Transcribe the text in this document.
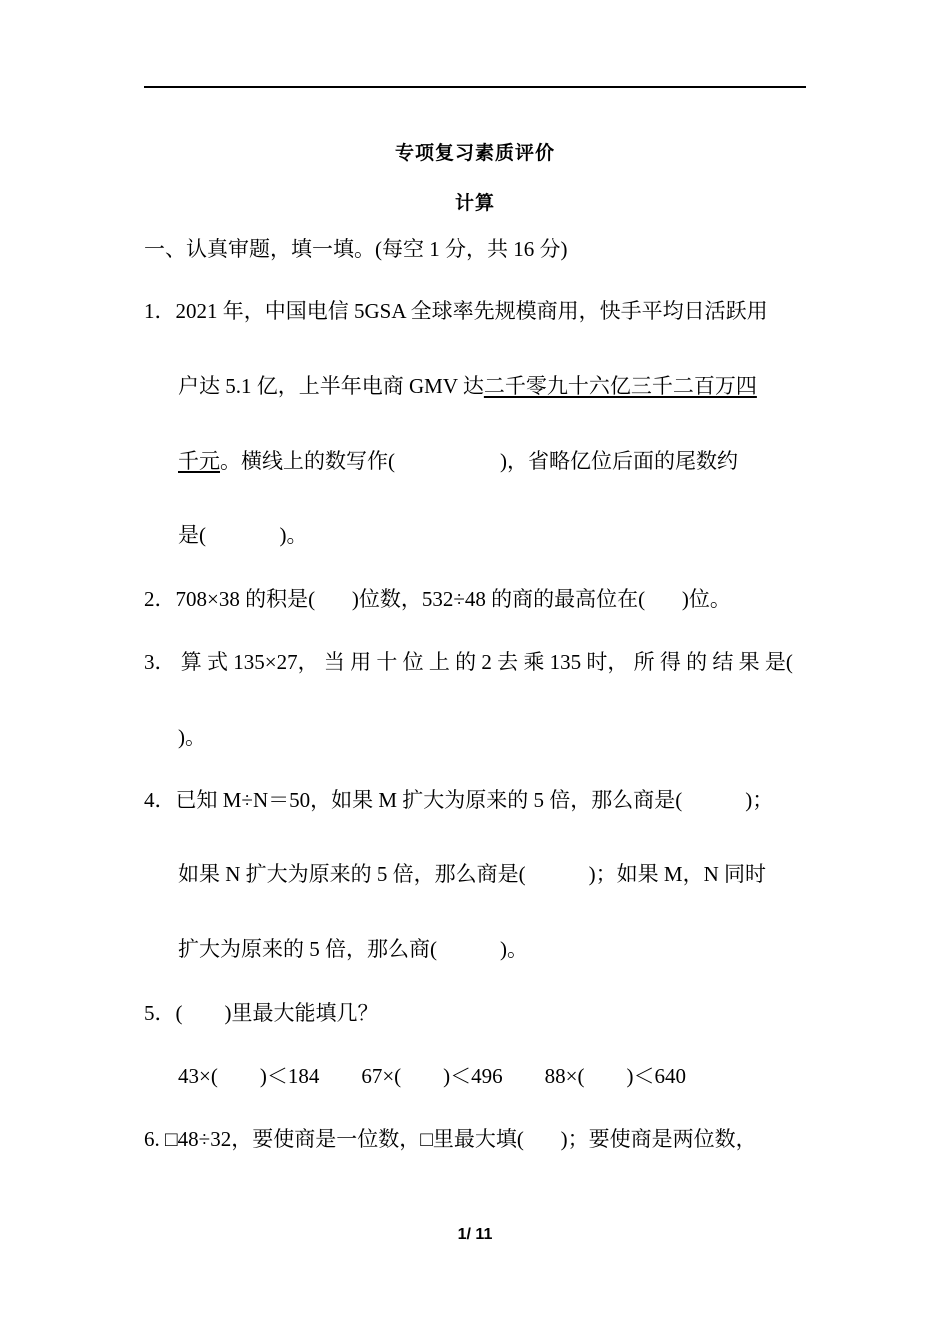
专项复习素质评价
计算
一、认真审题，填一填。(每空 1 分，共 16 分)
1．2021 年，中国电信 5GSA 全球率先规模商用，快手平均日活跃用
户达 5.1 亿，上半年电商 GMV 达二千零九十六亿三千二百万四
千元。横线上的数写作(                    )，省略亿位后面的尾数约
是(              )。
2．708×38 的积是(       )位数，532÷48 的商的最高位在(       )位。
3． 算 式 135×27， 当 用 十 位 上 的 2 去 乘 135 时， 所 得 的 结 果 是(
)。
4．已知 M÷N＝50，如果 M 扩大为原来的 5 倍，那么商是(            )；
如果 N 扩大为原来的 5 倍，那么商是(            )；如果 M，N 同时
扩大为原来的 5 倍，那么商(            )。
5．(        )里最大能填几？
43×(        )＜184        67×(        )＜496        88×(        )＜640
6. □48÷32，要使商是一位数，□里最大填(       )；要使商是两位数，
1/ 11
